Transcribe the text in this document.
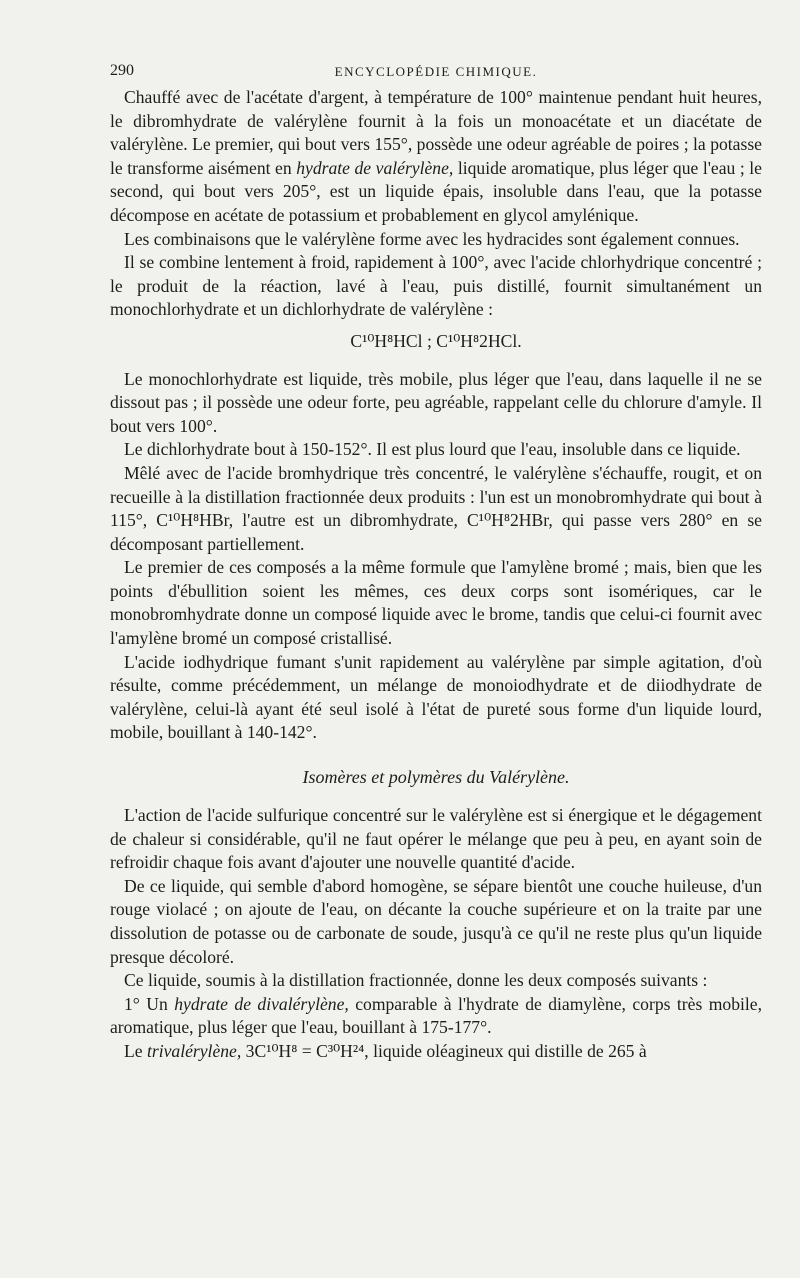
290	ENCYCLOPÉDIE CHIMIQUE.

Chauffé avec de l'acétate d'argent, à température de 100° maintenue pendant huit heures, le dibromhydrate de valérylène fournit à la fois un monoacétate et un diacétate de valérylène. Le premier, qui bout vers 155°, possède une odeur agréable de poires ; la potasse le transforme aisément en hydrate de valérylène, liquide aromatique, plus léger que l'eau ; le second, qui bout vers 205°, est un liquide épais, insoluble dans l'eau, que la potasse décompose en acétate de potassium et probablement en glycol amylénique.

Les combinaisons que le valérylène forme avec les hydracides sont également connues.

Il se combine lentement à froid, rapidement à 100°, avec l'acide chlorhydrique concentré ; le produit de la réaction, lavé à l'eau, puis distillé, fournit simultanément un monochlorhydrate et un dichlorhydrate de valérylène :

C¹⁰H⁸HCl ; C¹⁰H⁸2HCl.

Le monochlorhydrate est liquide, très mobile, plus léger que l'eau, dans laquelle il ne se dissout pas ; il possède une odeur forte, peu agréable, rappelant celle du chlorure d'amyle. Il bout vers 100°.

Le dichlorhydrate bout à 150-152°. Il est plus lourd que l'eau, insoluble dans ce liquide.

Mêlé avec de l'acide bromhydrique très concentré, le valérylène s'échauffe, rougit, et on recueille à la distillation fractionnée deux produits : l'un est un monobromhydrate qui bout à 115°, C¹⁰H⁸HBr, l'autre est un dibromhydrate, C¹⁰H⁸2HBr, qui passe vers 280° en se décomposant partiellement.

Le premier de ces composés a la même formule que l'amylène bromé ; mais, bien que les points d'ébullition soient les mêmes, ces deux corps sont isomériques, car le monobromhydrate donne un composé liquide avec le brome, tandis que celui-ci fournit avec l'amylène bromé un composé cristallisé.

L'acide iodhydrique fumant s'unit rapidement au valérylène par simple agitation, d'où résulte, comme précédemment, un mélange de monoiodhydrate et de diiodhydrate de valérylène, celui-là ayant été seul isolé à l'état de pureté sous forme d'un liquide lourd, mobile, bouillant à 140-142°.

Isomères et polymères du Valérylène.

L'action de l'acide sulfurique concentré sur le valérylène est si énergique et le dégagement de chaleur si considérable, qu'il ne faut opérer le mélange que peu à peu, en ayant soin de refroidir chaque fois avant d'ajouter une nouvelle quantité d'acide.

De ce liquide, qui semble d'abord homogène, se sépare bientôt une couche huileuse, d'un rouge violacé ; on ajoute de l'eau, on décante la couche supérieure et on la traite par une dissolution de potasse ou de carbonate de soude, jusqu'à ce qu'il ne reste plus qu'un liquide presque décoloré.

Ce liquide, soumis à la distillation fractionnée, donne les deux composés suivants :

1° Un hydrate de divalérylène, comparable à l'hydrate de diamylène, corps très mobile, aromatique, plus léger que l'eau, bouillant à 175-177°.

Le trivalérylène, 3C¹⁰H⁸ = C³⁰H²⁴, liquide oléagineux qui distille de 265 à
